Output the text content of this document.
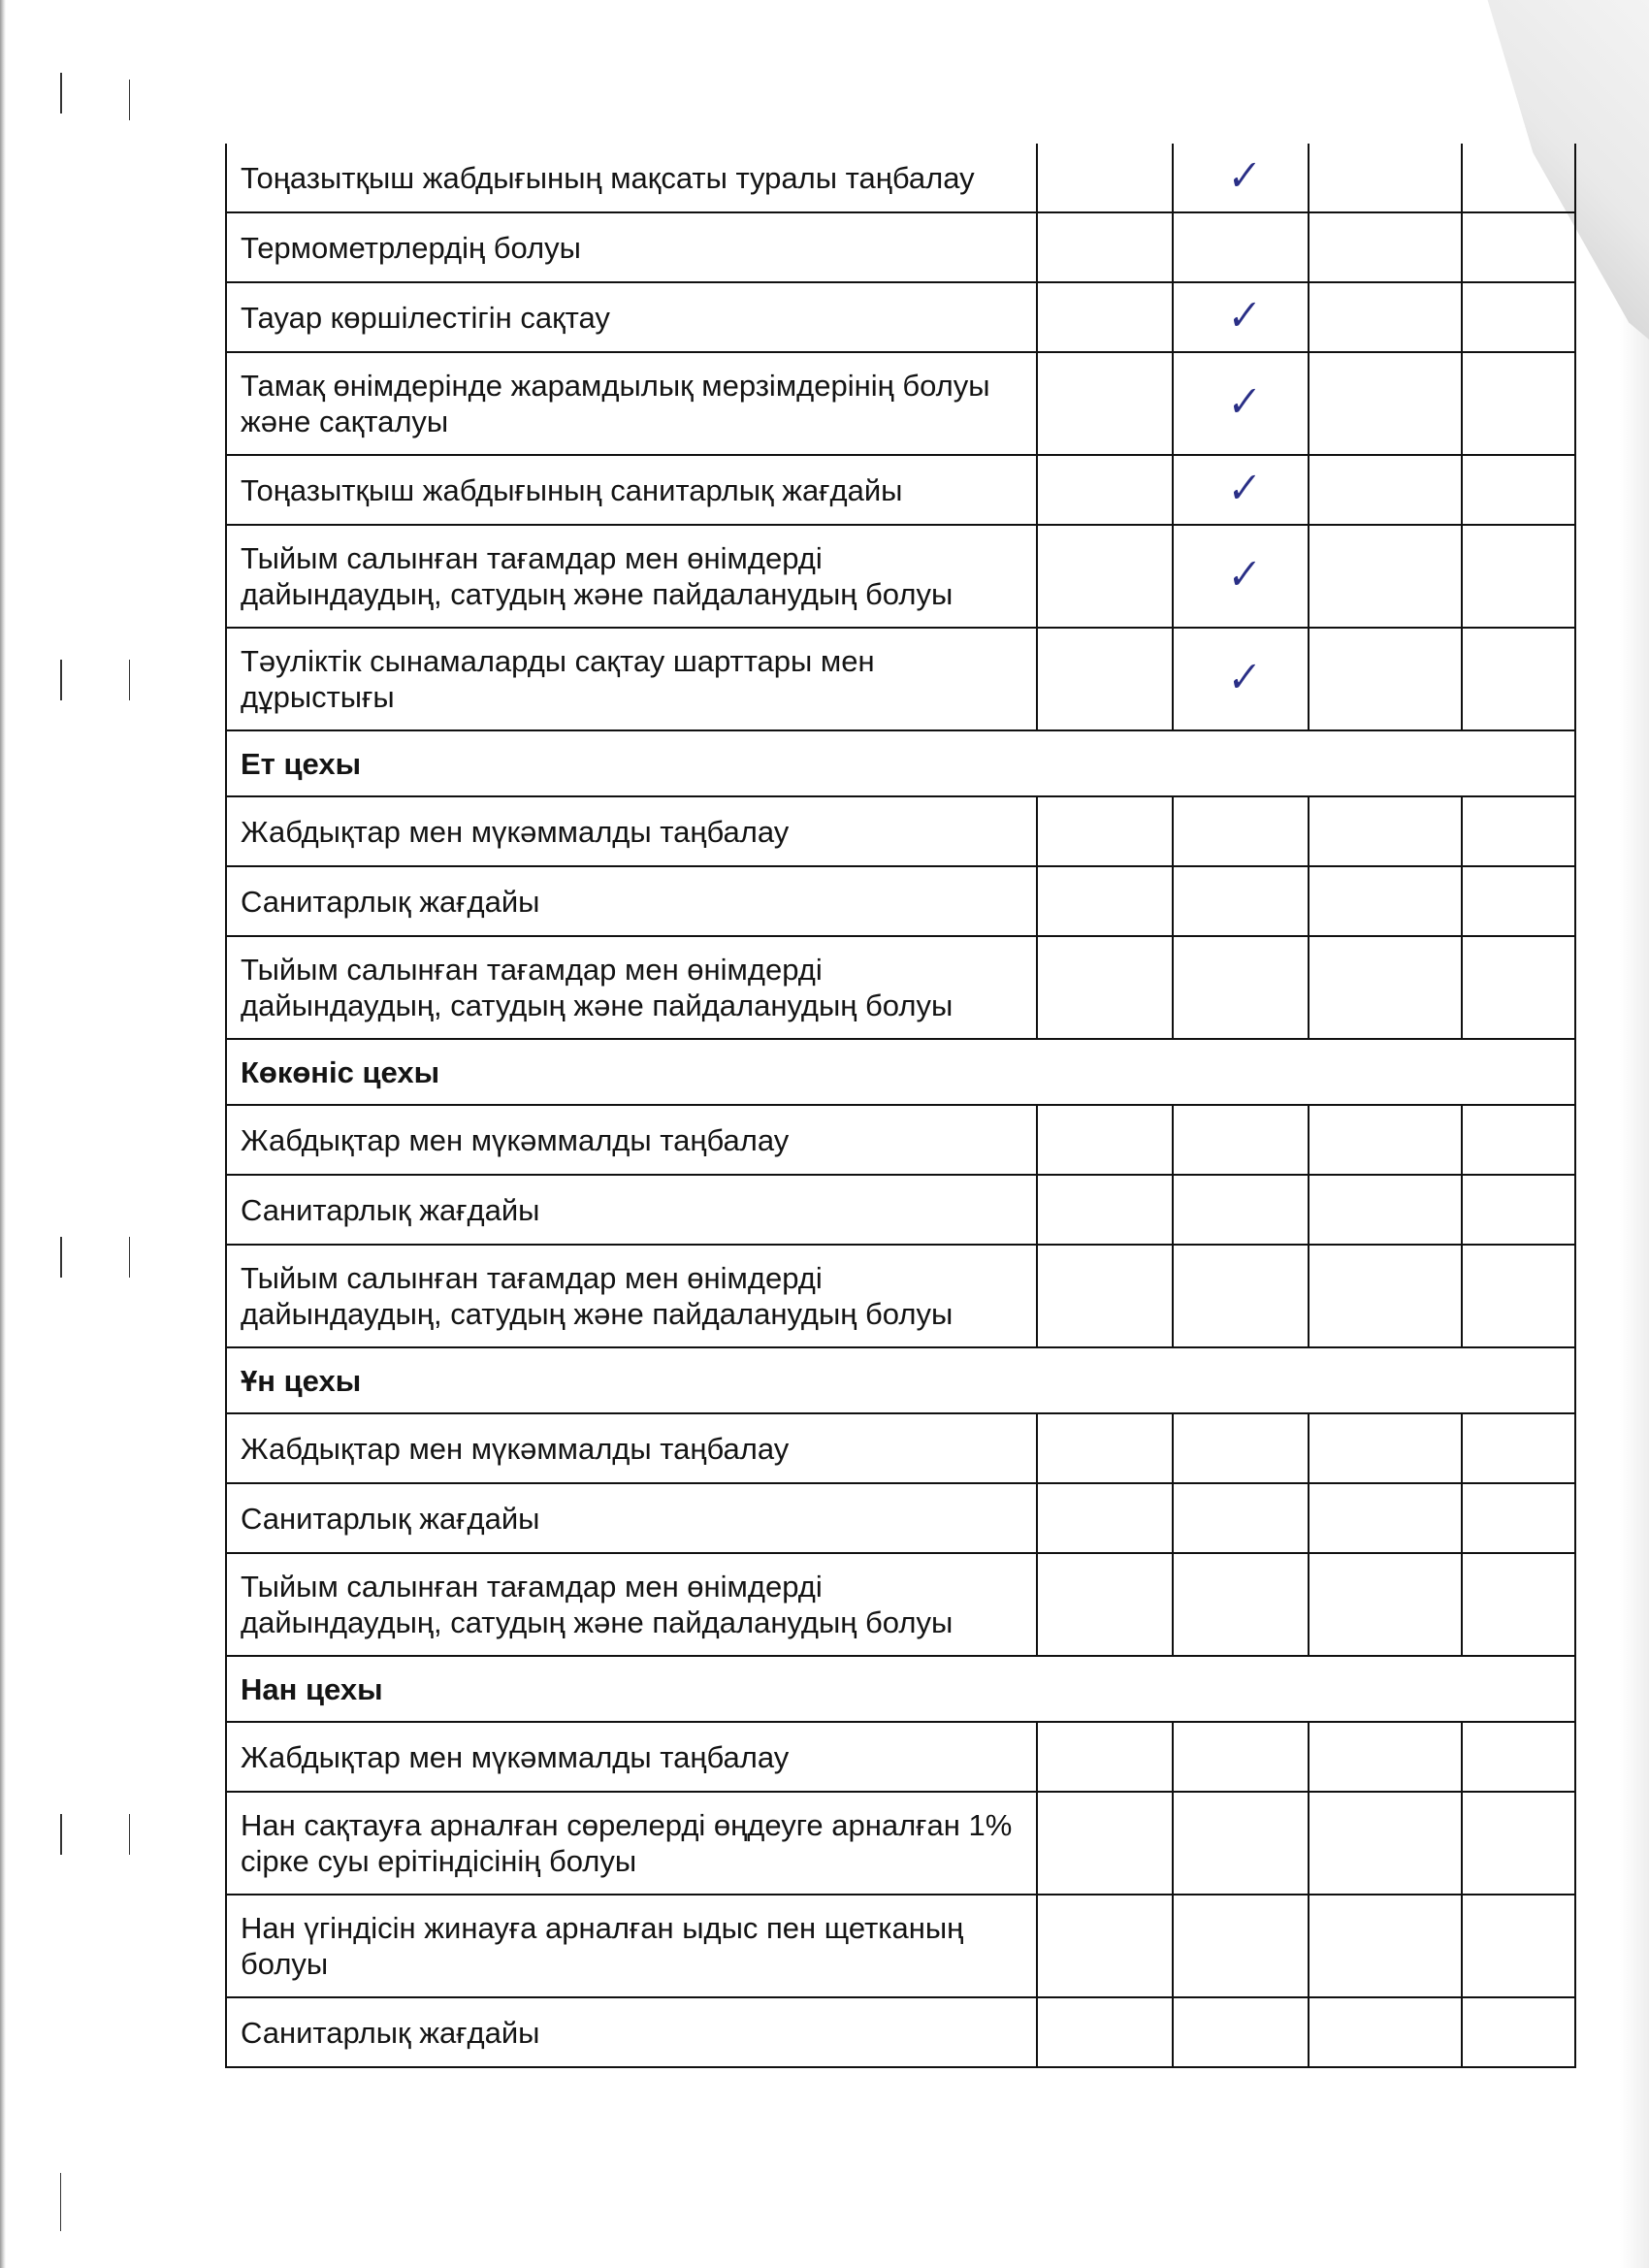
Тоңазытқыш жабдығының мақсаты туралы таңбалау		✓		
Термометрлердің болуы				
Тауар көршілестігін сақтау		✓		
Тамақ өнімдерінде жарамдылық мерзімдерінің болуы және сақталуы		✓		
Тоңазытқыш жабдығының санитарлық жағдайы		✓		
Тыйым салынған тағамдар мен өнімдерді дайындаудың, сатудың және пайдаланудың болуы		✓		
Тәуліктік сынамаларды сақтау шарттары мен дұрыстығы		✓		
Ет цехы				
Жабдықтар мен мүкәммалды таңбалау				
Санитарлық жағдайы				
Тыйым салынған тағамдар мен өнімдерді дайындаудың, сатудың және пайдаланудың болуы				
Көкөніс цехы				
Жабдықтар мен мүкәммалды таңбалау				
Санитарлық жағдайы				
Тыйым салынған тағамдар мен өнімдерді дайындаудың, сатудың және пайдаланудың болуы				
Ұн цехы				
Жабдықтар мен мүкәммалды таңбалау				
Санитарлық жағдайы				
Тыйым салынған тағамдар мен өнімдерді дайындаудың, сатудың және пайдаланудың болуы				
Нан цехы				
Жабдықтар мен мүкәммалды таңбалау				
Нан сақтауға арналған сөрелерді өңдеуге арналған 1% сірке суы ерітіндісінің болуы				
Нан үгіндісін жинауға арналған ыдыс пен щетканың болуы				
Санитарлық жағдайы				
